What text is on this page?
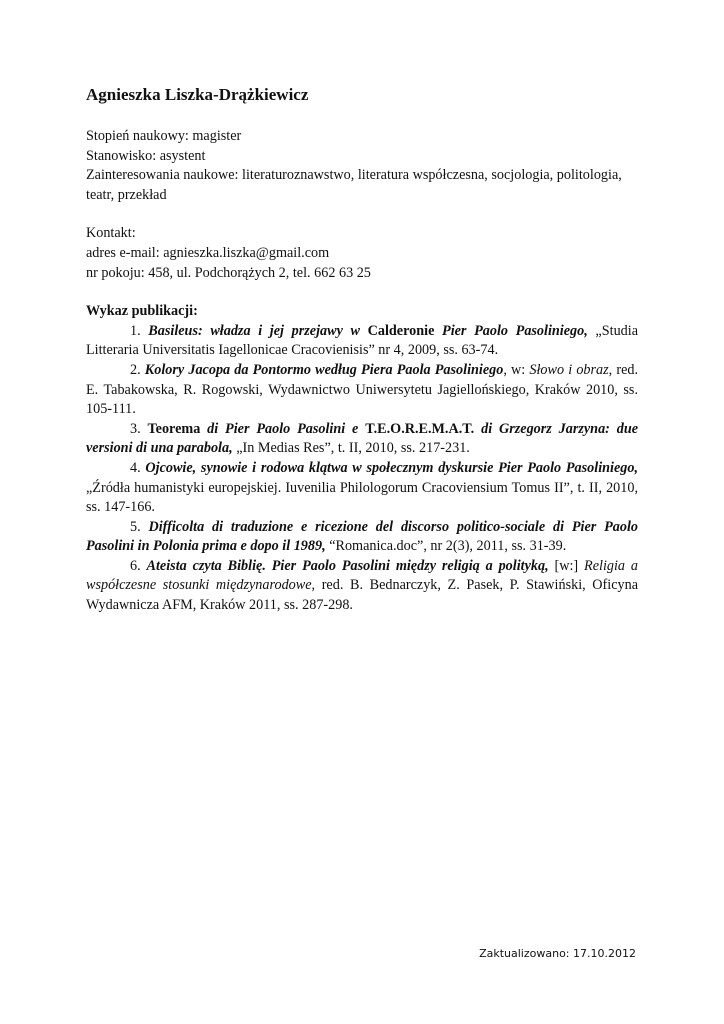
Agnieszka Liszka-Drążkiewicz
Stopień naukowy: magister
Stanowisko: asystent
Zainteresowania naukowe: literaturoznawstwo, literatura współczesna, socjologia, politologia, teatr, przekład
Kontakt:
adres e-mail: agnieszka.liszka@gmail.com
nr pokoju: 458, ul. Podchorążych 2, tel. 662 63 25
Wykaz publikacji:

1. Basileus: władza i jej przejawy w Calderonie Pier Paolo Pasoliniego, „Studia Litteraria Universitatis Iagellonicae Cracovienisis” nr 4, 2009, ss. 63-74.

2. Kolory Jacopa da Pontormo według Piera Paola Pasoliniego, w: Słowo i obraz, red. E. Tabakowska, R. Rogowski, Wydawnictwo Uniwersytetu Jagiellońskiego, Kraków 2010, ss. 105-111.

3. Teorema di Pier Paolo Pasolini e T.E.O.R.E.M.A.T. di Grzegorz Jarzyna: due versioni di una parabola, „In Medias Res”, t. II, 2010, ss. 217-231.

4. Ojcowie, synowie i rodowa klątwa w społecznym dyskursie Pier Paolo Pasoliniego, „Źródła humanistyki europejskiej. Iuvenilia Philologorum Cracoviensium Tomus II”, t. II, 2010, ss. 147-166.

5. Difficolta di traduzione e ricezione del discorso politico-sociale di Pier Paolo Pasolini in Polonia prima e dopo il 1989, “Romanica.doc”, nr 2(3), 2011, ss. 31-39.

6. Ateista czyta Biblię. Pier Paolo Pasolini między religią a polityką, [w:] Religia a współczesne stosunki międzynarodowe, red. B. Bednarczyk, Z. Pasek, P. Stawiński, Oficyna Wydawnicza AFM, Kraków 2011, ss. 287-298.

Zaktualizowano: 17.10.2012
